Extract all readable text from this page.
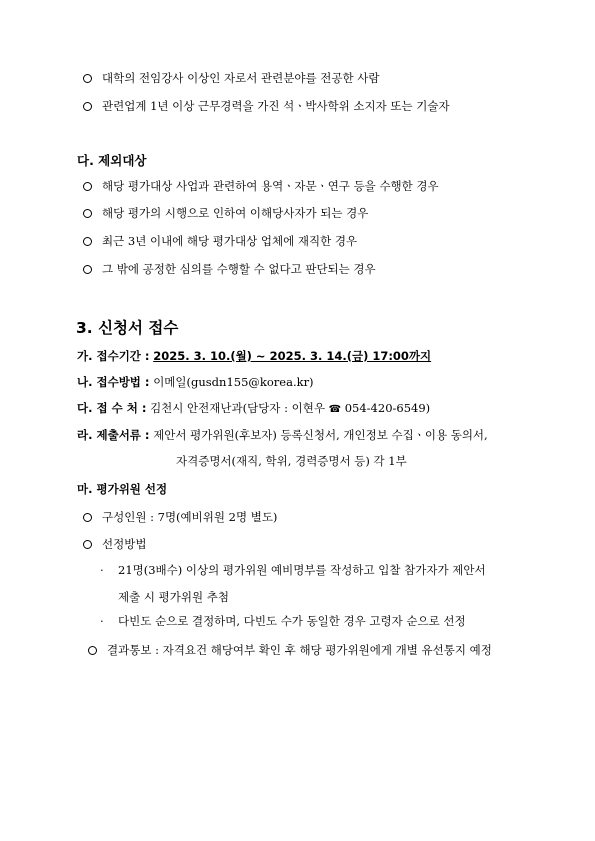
대학의 전임강사 이상인 자로서 관련분야를 전공한 사람
관련업계 1년 이상 근무경력을 가진 석ㆍ박사학위 소지자 또는 기술자
다. 제외대상
해당 평가대상 사업과 관련하여 용역ㆍ자문ㆍ연구 등을 수행한 경우
해당 평가의 시행으로 인하여 이해당사자가 되는 경우
최근 3년 이내에 해당 평가대상 업체에 재직한 경우
그 밖에 공정한 심의를 수행할 수 없다고 판단되는 경우
3. 신청서 접수
가. 접수기간 : 2025. 3. 10.(월) ~ 2025. 3. 14.(금) 17:00까지
나. 접수방법 : 이메일(gusdn155@korea.kr)
다. 접 수 처 : 김천시 안전재난과(담당자 : 이현우 ☎ 054-420-6549)
라. 제출서류 : 제안서 평가위원(후보자) 등록신청서, 개인정보 수집ㆍ이용 동의서,
자격증명서(재직, 학위, 경력증명서 등) 각 1부
마. 평가위원 선정
구성인원 : 7명(예비위원 2명 별도)
선정방법
· 21명(3배수) 이상의 평가위원 예비명부를 작성하고 입찰 참가자가 제안서
제출 시 평가위원 추첨
· 다빈도 순으로 결정하며, 다빈도 수가 동일한 경우 고령자 순으로 선정
결과통보 : 자격요건 해당여부 확인 후 해당 평가위원에게 개별 유선통지 예정
